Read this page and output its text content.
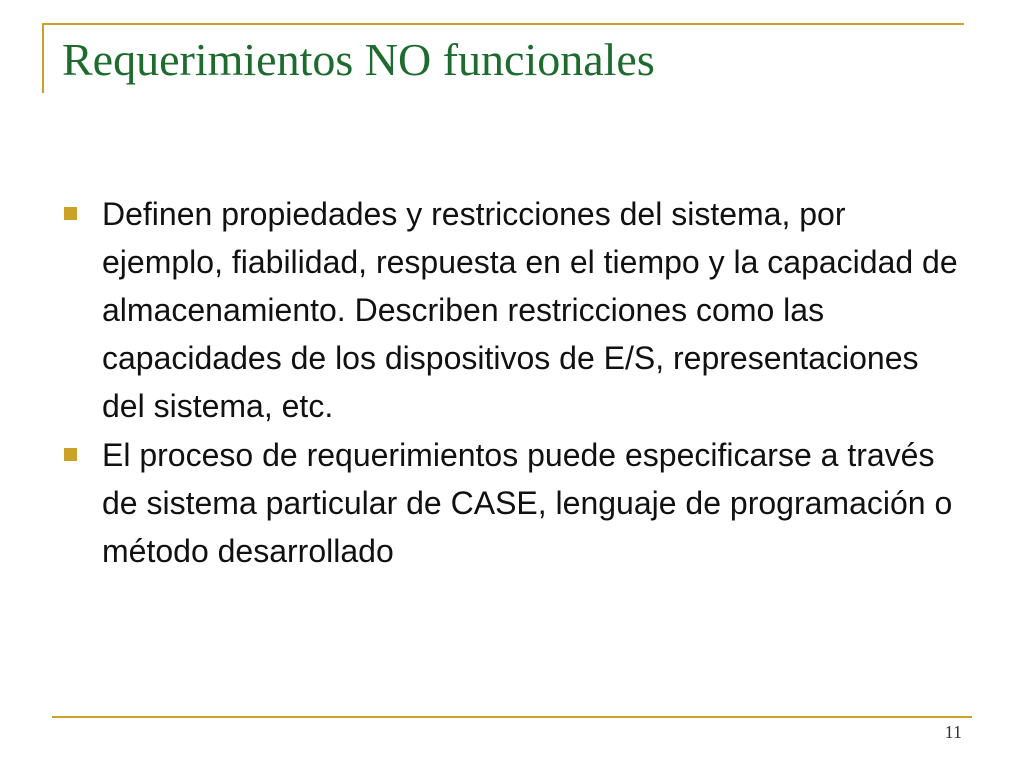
Requerimientos NO funcionales
Definen propiedades y restricciones del sistema, por ejemplo, fiabilidad, respuesta en el tiempo y la capacidad de almacenamiento. Describen restricciones como las capacidades de los dispositivos de E/S, representaciones del sistema, etc.
El proceso de requerimientos puede especificarse a través de sistema particular de CASE, lenguaje de programación o método desarrollado
11
